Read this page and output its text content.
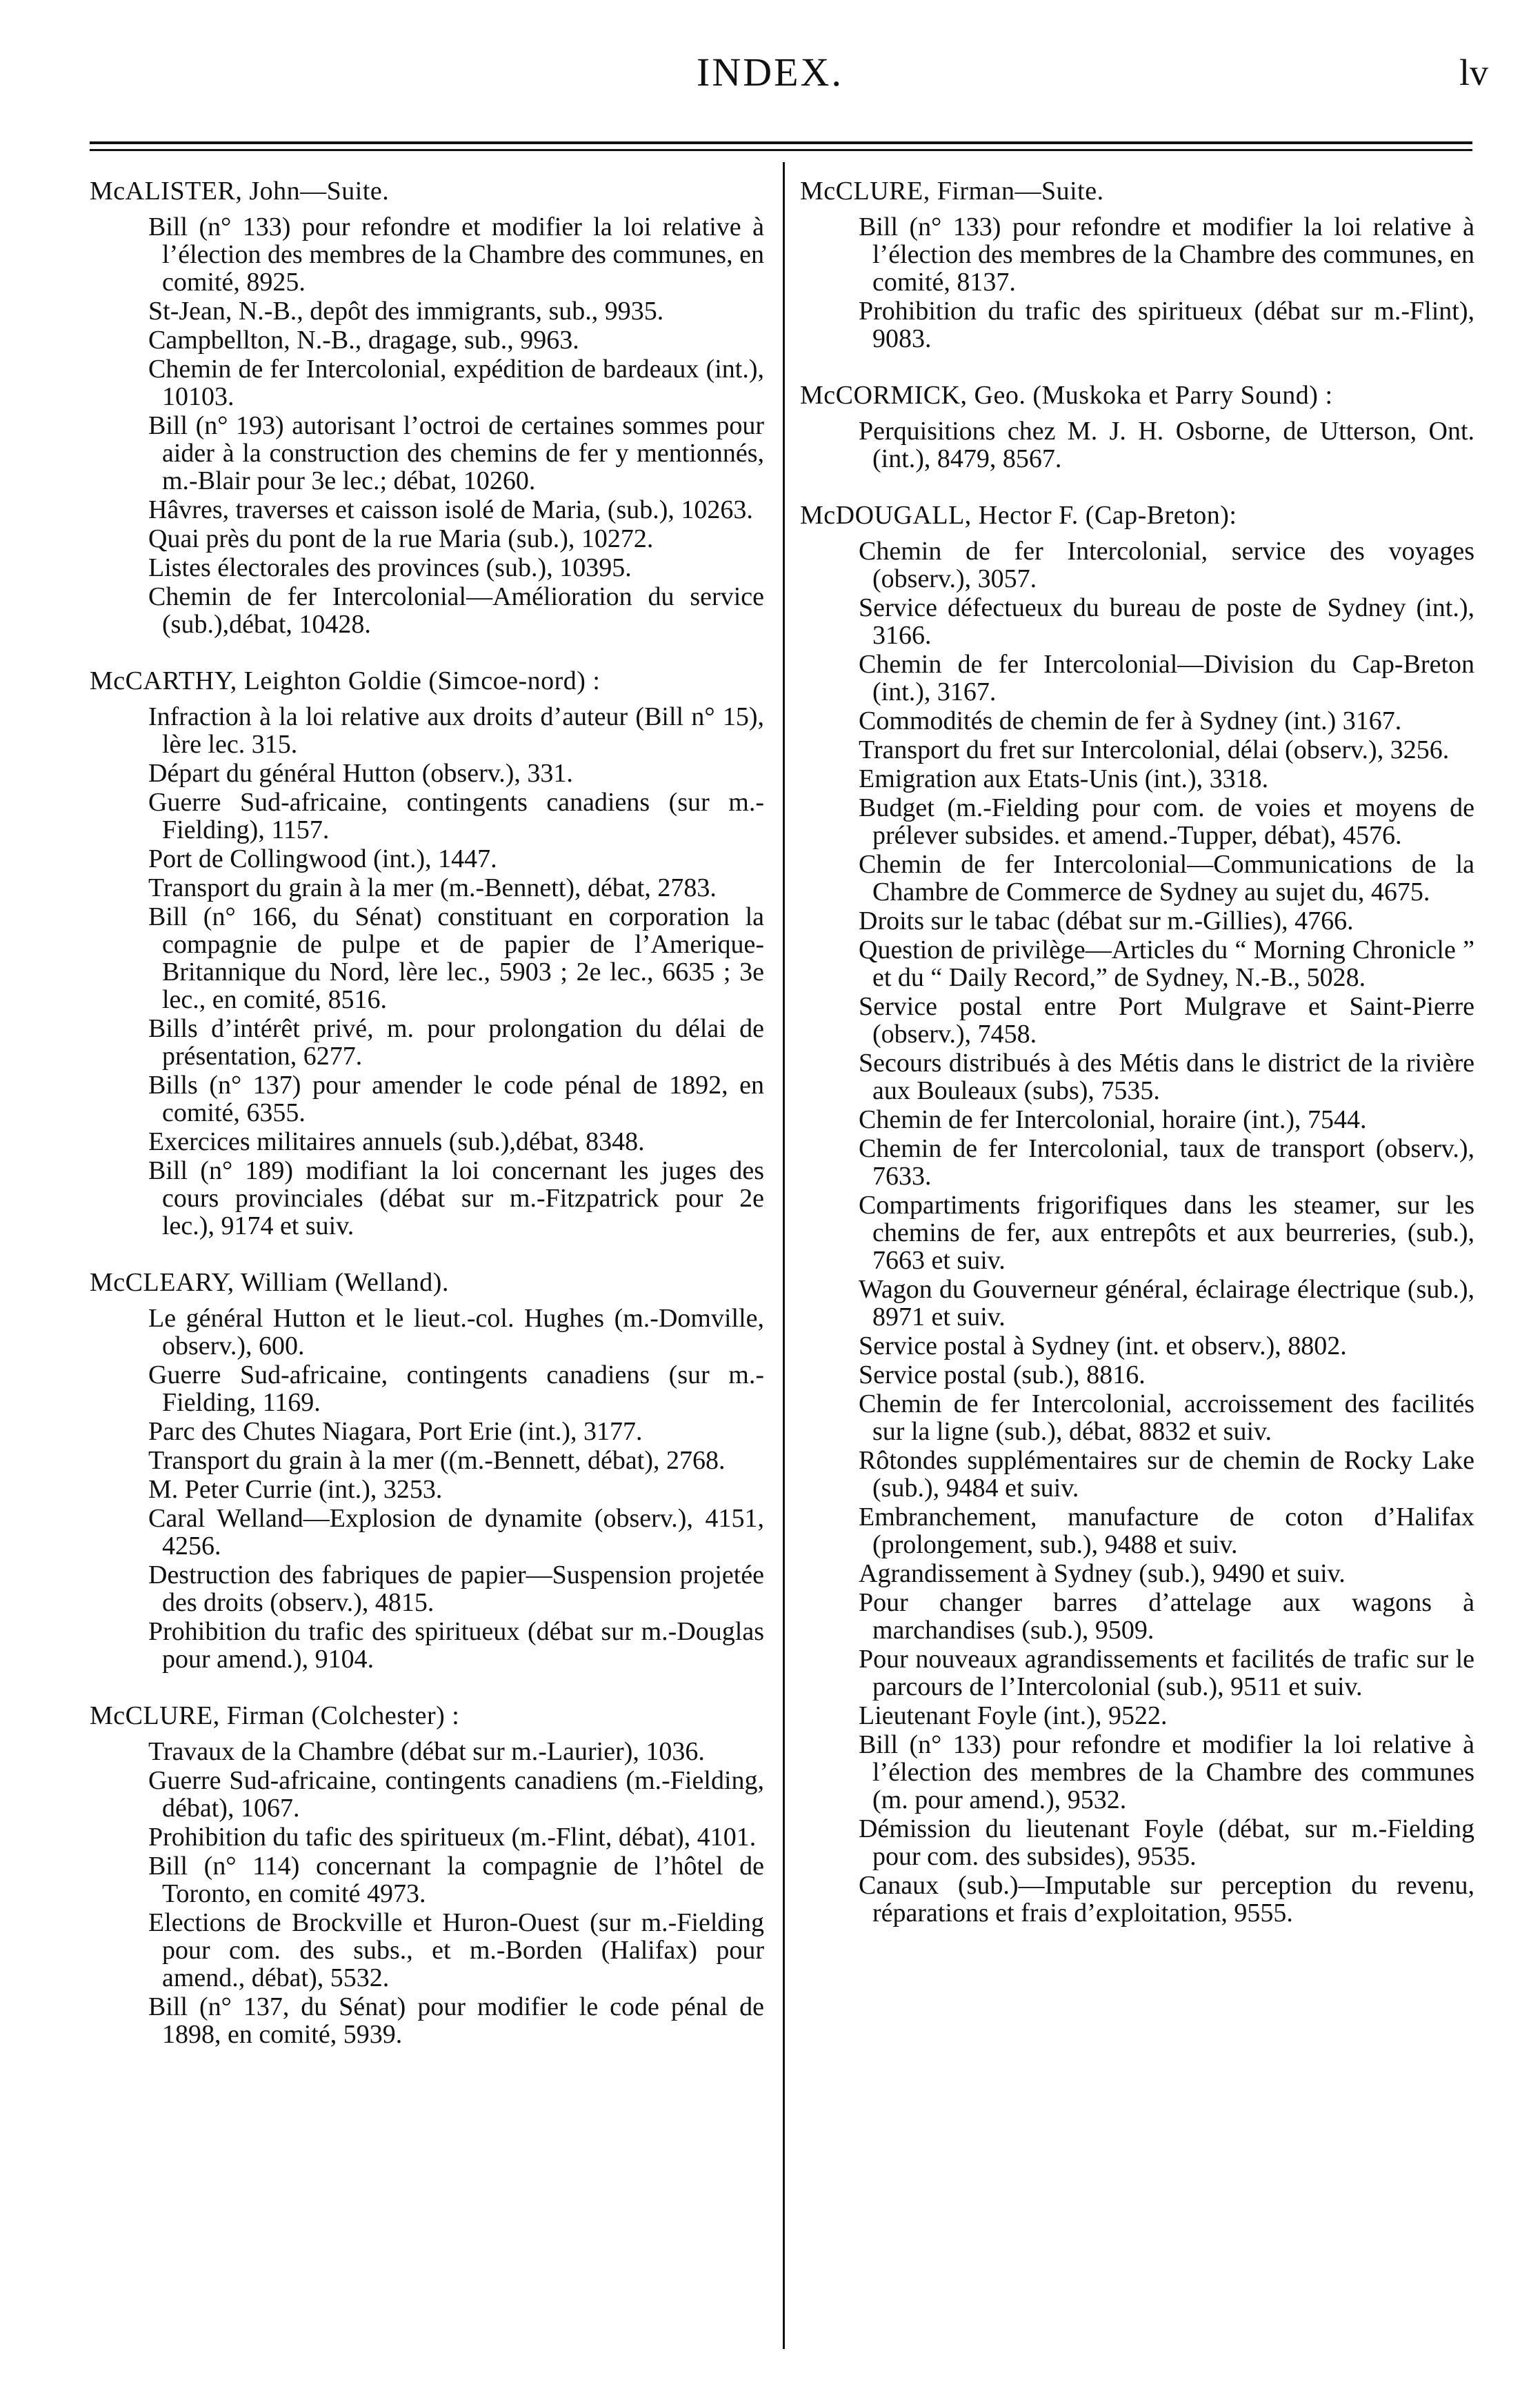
INDEX.	lv
McALISTER, John—Suite.
Bill (n° 133) pour refondre et modifier la loi relative à l’élection des membres de la Chambre des communes, en comité, 8925.
St-Jean, N.-B., depôt des immigrants, sub., 9935.
Campbellton, N.-B., dragage, sub., 9963.
Chemin de fer Intercolonial, expédition de bardeaux (int.), 10103.
Bill (n° 193) autorisant l’octroi de certaines sommes pour aider à la construction des chemins de fer y mentionnés, m.-Blair pour 3e lec.; débat, 10260.
Hâvres, traverses et caisson isolé de Maria, (sub.), 10263.
Quai près du pont de la rue Maria (sub.), 10272.
Listes électorales des provinces (sub.), 10395.
Chemin de fer Intercolonial—Amélioration du service (sub.),débat, 10428.
McCARTHY, Leighton Goldie (Simcoe-nord) :
Infraction à la loi relative aux droits d’auteur (Bill n° 15), lère lec. 315.
Départ du général Hutton (observ.), 331.
Guerre Sud-africaine, contingents canadiens (sur m.-Fielding), 1157.
Port de Collingwood (int.), 1447.
Transport du grain à la mer (m.-Bennett), débat, 2783.
Bill (n° 166, du Sénat) constituant en corporation la compagnie de pulpe et de papier de l’Amerique-Britannique du Nord, lère lec., 5903 ; 2e lec., 6635 ; 3e lec., en comité, 8516.
Bills d’intérêt privé, m. pour prolongation du délai de présentation, 6277.
Bills (n° 137) pour amender le code pénal de 1892, en comité, 6355.
Exercices militaires annuels (sub.),débat, 8348.
Bill (n° 189) modifiant la loi concernant les juges des cours provinciales (débat sur m.-Fitzpatrick pour 2e lec.), 9174 et suiv.
McCLEARY, William (Welland).
Le général Hutton et le lieut.-col. Hughes (m.-Domville, observ.), 600.
Guerre Sud-africaine, contingents canadiens (sur m.-Fielding, 1169.
Parc des Chutes Niagara, Port Erie (int.), 3177.
Transport du grain à la mer ((m.-Bennett, débat), 2768.
M. Peter Currie (int.), 3253.
Caral Welland—Explosion de dynamite (observ.), 4151, 4256.
Destruction des fabriques de papier—Suspension projetée des droits (observ.), 4815.
Prohibition du trafic des spiritueux (débat sur m.-Douglas pour amend.), 9104.
McCLURE, Firman (Colchester) :
Travaux de la Chambre (débat sur m.-Laurier), 1036.
Guerre Sud-africaine, contingents canadiens (m.-Fielding, débat), 1067.
Prohibition du tafic des spiritueux (m.-Flint, débat), 4101.
Bill (n° 114) concernant la compagnie de l’hôtel de Toronto, en comité 4973.
Elections de Brockville et Huron-Ouest (sur m.-Fielding pour com. des subs., et m.-Borden (Halifax) pour amend., débat), 5532.
Bill (n° 137, du Sénat) pour modifier le code pénal de 1898, en comité, 5939.
McCLURE, Firman—Suite.
Bill (n° 133) pour refondre et modifier la loi relative à l’élection des membres de la Chambre des communes, en comité, 8137.
Prohibition du trafic des spiritueux (débat sur m.-Flint), 9083.
McCORMICK, Geo. (Muskoka et Parry Sound) :
Perquisitions chez M. J. H. Osborne, de Utterson, Ont. (int.), 8479, 8567.
McDOUGALL, Hector F. (Cap-Breton):
Chemin de fer Intercolonial, service des voyages (observ.), 3057.
Service défectueux du bureau de poste de Sydney (int.), 3166.
Chemin de fer Intercolonial—Division du Cap-Breton (int.), 3167.
Commodités de chemin de fer à Sydney (int.) 3167.
Transport du fret sur Intercolonial, délai (observ.), 3256.
Emigration aux Etats-Unis (int.), 3318.
Budget (m.-Fielding pour com. de voies et moyens de prélever subsides. et amend.-Tupper, débat), 4576.
Chemin de fer Intercolonial—Communications de la Chambre de Commerce de Sydney au sujet du, 4675.
Droits sur le tabac (débat sur m.-Gillies), 4766.
Question de privilège—Articles du “ Morning Chronicle ” et du “ Daily Record,” de Sydney, N.-B., 5028.
Service postal entre Port Mulgrave et Saint-Pierre (observ.), 7458.
Secours distribués à des Métis dans le district de la rivière aux Bouleaux (subs), 7535.
Chemin de fer Intercolonial, horaire (int.), 7544.
Chemin de fer Intercolonial, taux de transport (observ.), 7633.
Compartiments frigorifiques dans les steamer, sur les chemins de fer, aux entrepôts et aux beurreries, (sub.), 7663 et suiv.
Wagon du Gouverneur général, éclairage électrique (sub.), 8971 et suiv.
Service postal à Sydney (int. et observ.), 8802.
Service postal (sub.), 8816.
Chemin de fer Intercolonial, accroissement des facilités sur la ligne (sub.), débat, 8832 et suiv.
Rôtondes supplémentaires sur de chemin de Rocky Lake (sub.), 9484 et suiv.
Embranchement, manufacture de coton d’Halifax (prolongement, sub.), 9488 et suiv.
Agrandissement à Sydney (sub.), 9490 et suiv.
Pour changer barres d’attelage aux wagons à marchandises (sub.), 9509.
Pour nouveaux agrandissements et facilités de trafic sur le parcours de l’Intercolonial (sub.), 9511 et suiv.
Lieutenant Foyle (int.), 9522.
Bill (n° 133) pour refondre et modifier la loi relative à l’élection des membres de la Chambre des communes (m. pour amend.), 9532.
Démission du lieutenant Foyle (débat, sur m.-Fielding pour com. des subsides), 9535.
Canaux (sub.)—Imputable sur perception du revenu, réparations et frais d’exploitation, 9555.
